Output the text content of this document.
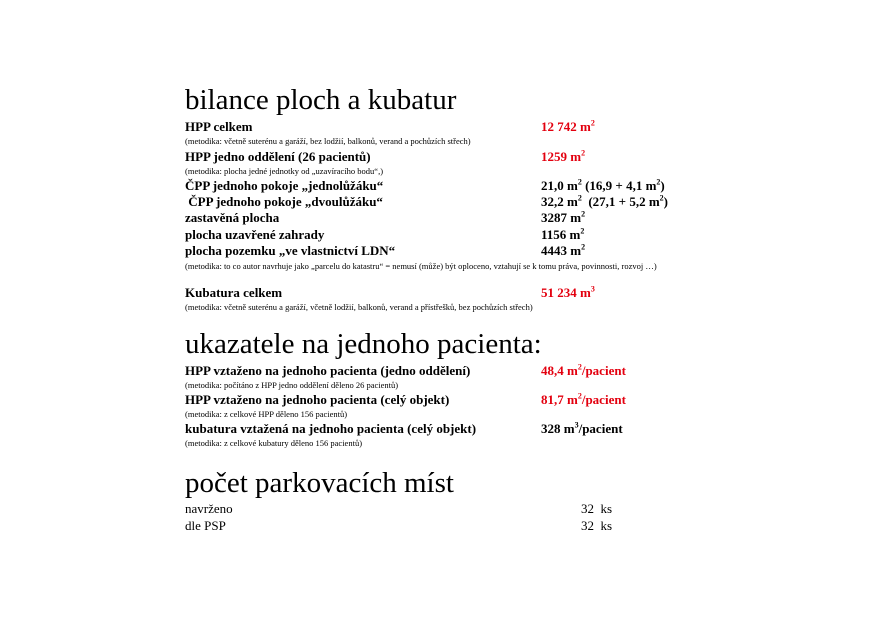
bilance ploch a kubatur
HPP celkem	12 742 $m^2$
(metodika: včetně suterénu a garáží, bez lodžií, balkonů, verand a pochůzích střech)
HPP jedno oddělení (26 pacientů)	1259 $m^2$
(metodika: plocha jedné jednotky od „uzavíracího bodu“,)
ČPP jednoho pokoje „jednolůžáku“	21,0 $m^2$ (16,9 + 4,1 $m^2$)
ČPP jednoho pokoje „dvoulůžáku“	32,2 $m^2$  (27,1 + 5,2 $m^2$)
zastavěná plocha	3287 $m^2$
plocha uzavřené zahrady	1156 $m^2$
plocha pozemku „ve vlastnictví LDN“	4443 $m^2$
(metodika: to co autor navrhuje jako „parcelu do katastru“ = nemusí (může) být oploceno, vztahují se k tomu práva, povinnosti, rozvoj …)
Kubatura celkem	51 234 $m^3$
(metodika: včetně suterénu a garáží, včetně lodžií, balkonů, verand a přístřešků, bez pochůzích střech)
ukazatele na jednoho pacienta:
HPP vztaženo na jednoho pacienta (jedno oddělení)	48,4 $m^2$/pacient
(metodika: počítáno z HPP jedno oddělení děleno 26 pacientů)
HPP vztaženo na jednoho pacienta (celý objekt)	81,7 $m^2$/pacient
(metodika: z celkové HPP děleno 156 pacientů)
kubatura vztažená na jednoho pacienta (celý objekt)	328 $m^3$/pacient
(metodika: z celkové kubatury děleno 156 pacientů)
počet parkovacích míst
navrženo	32  ks
dle PSP	32  ks
